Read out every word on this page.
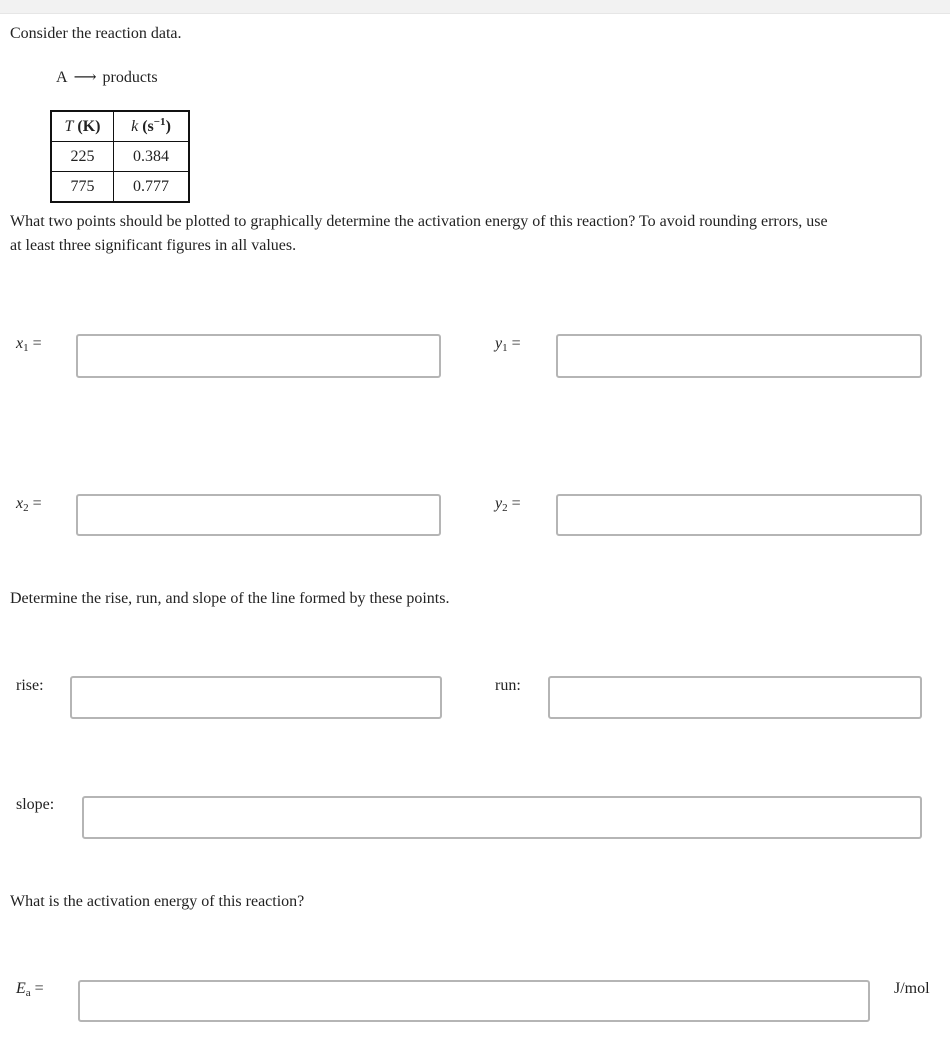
Consider the reaction data.
A ⟶ products
T (K)	k $(s^{-1})$
225	0.384
775	0.777
What two points should be plotted to graphically determine the activation energy of this reaction? To avoid rounding errors, use
at least three significant figures in all values.
$x_1$ =	$y_1$ =
$x_2$ =	$y_2$ =
Determine the rise, run, and slope of the line formed by these points.
rise:	run:
slope:
What is the activation energy of this reaction?
$E_a$ =	J/mol
